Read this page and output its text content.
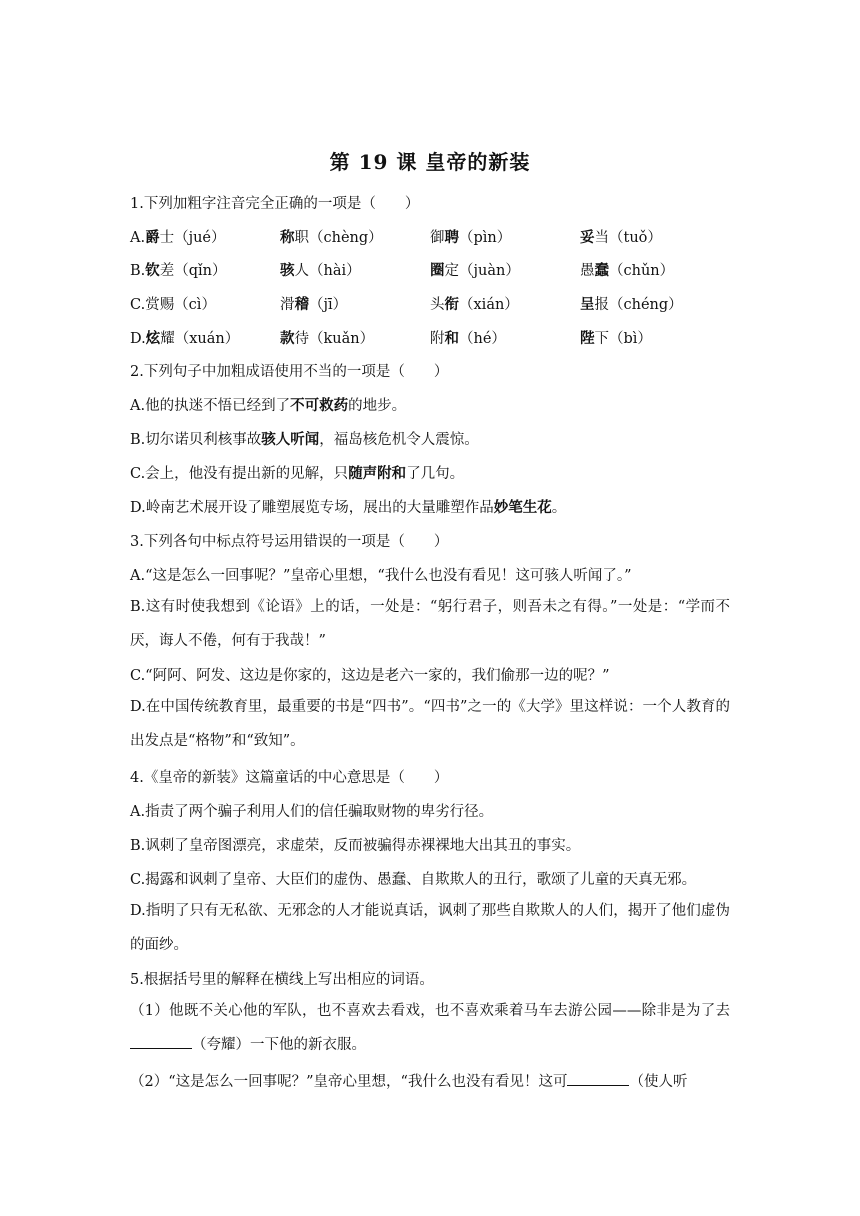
第 19 课 皇帝的新装
1.下列加粗字注音完全正确的一项是（　　）
A.爵士（jué）	称职（chèng）	御聘（pìn）	妥当（tuǒ）
B.钦差（qǐn）	骇人（hài）	圈定（juàn）	愚蠢（chǔn）
C.赏赐（cì）	滑稽（jī）	头衔（xián）	呈报（chéng）
D.炫耀（xuán）	款待（kuǎn）	附和（hé）	陛下（bì）
2.下列句子中加粗成语使用不当的一项是（　　）
A.他的执迷不悟已经到了不可救药的地步。
B.切尔诺贝利核事故骇人听闻，福岛核危机令人震惊。
C.会上，他没有提出新的见解，只随声附和了几句。
D.岭南艺术展开设了雕塑展览专场，展出的大量雕塑作品妙笔生花。
3.下列各句中标点符号运用错误的一项是（　　）
A.“这是怎么一回事呢？”皇帝心里想，“我什么也没有看见！这可骇人听闻了。”
B.这有时使我想到《论语》上的话，一处是：“躬行君子，则吾未之有得。”一处是：“学而不厌，诲人不倦，何有于我哉！”
C.“阿阿、阿发、这边是你家的，这边是老六一家的，我们偷那一边的呢？”
D.在中国传统教育里，最重要的书是“四书”。“四书”之一的《大学》里这样说：一个人教育的出发点是“格物”和“致知”。
4.《皇帝的新装》这篇童话的中心意思是（　　）
A.指责了两个骗子利用人们的信任骗取财物的卑劣行径。
B.讽刺了皇帝图漂亮，求虚荣，反而被骗得赤裸裸地大出其丑的事实。
C.揭露和讽刺了皇帝、大臣们的虚伪、愚蠢、自欺欺人的丑行，歌颂了儿童的天真无邪。
D.指明了只有无私欲、无邪念的人才能说真话，讽刺了那些自欺欺人的人们，揭开了他们虚伪的面纱。
5.根据括号里的解释在横线上写出相应的词语。
（1）他既不关心他的军队，也不喜欢去看戏，也不喜欢乘着马车去游公园——除非是为了去（夸耀）一下他的新衣服。
（2）“这是怎么一回事呢？”皇帝心里想，“我什么也没有看见！这可	（使人听
